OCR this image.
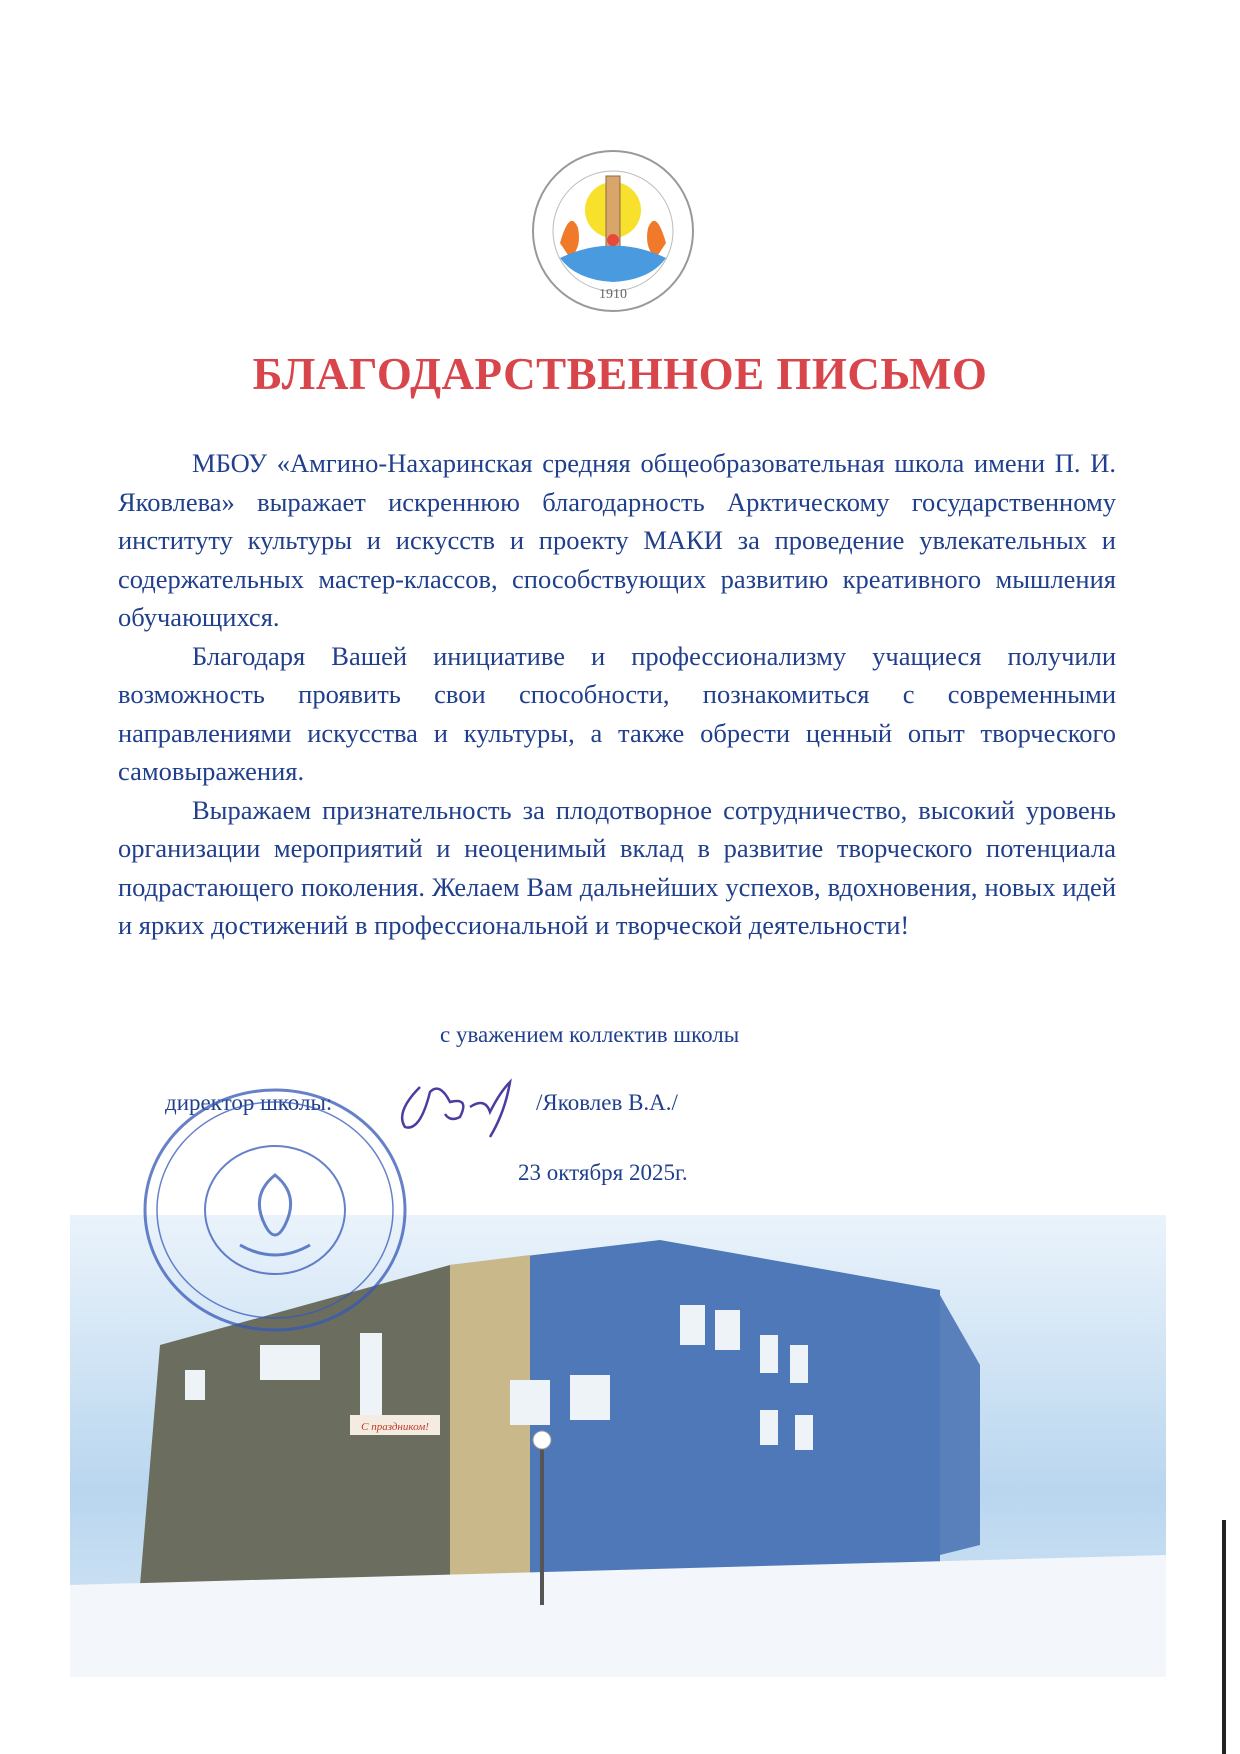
1910
БЛАГОДАРСТВЕННОЕ ПИСЬМО

МБОУ «Амгино-Нахаринская средняя общеобразовательная школа имени П. И. Яковлева» выражает искреннюю благодарность Арктическому государственному институту культуры и искусств и проекту МАКИ за проведение увлекательных и содержательных мастер-классов, способствующих развитию креативного мышления обучающихся.

Благодаря Вашей инициативе и профессионализму учащиеся получили возможность проявить свои способности, познакомиться с современными направлениями искусства и культуры, а также обрести ценный опыт творческого самовыражения.

Выражаем признательность за плодотворное сотрудничество, высокий уровень организации мероприятий и неоценимый вклад в развитие творческого потенциала подрастающего поколения. Желаем Вам дальнейших успехов, вдохновения, новых идей и ярких достижений в профессиональной и творческой деятельности!

с уважением коллектив школы
директор школы:	/Яковлев В.А./
23 октября 2025г.
С праздником!
